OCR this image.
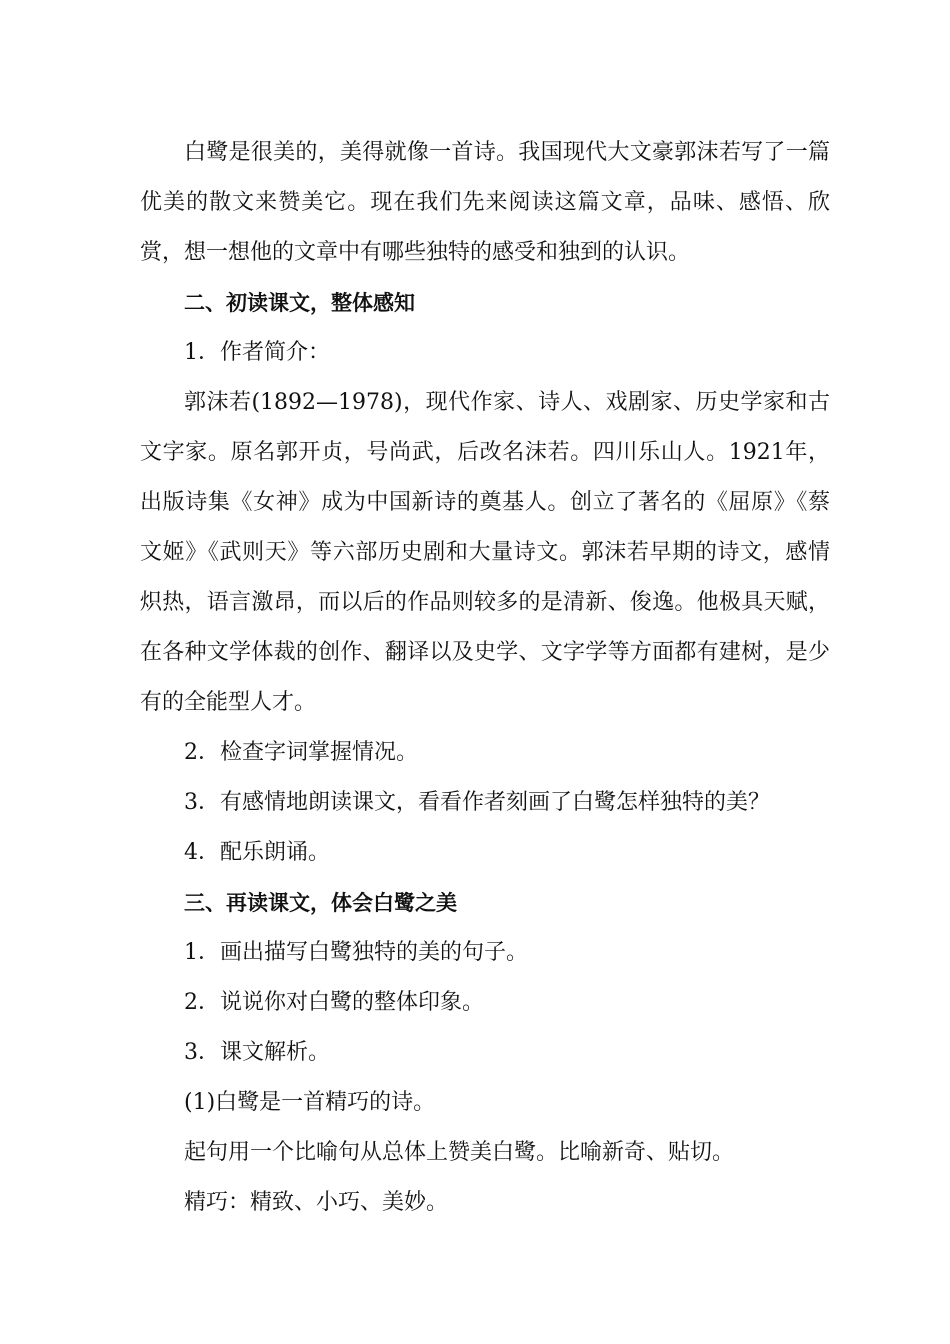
白鹭是很美的，美得就像一首诗。我国现代大文豪郭沫若写了一篇优美的散文来赞美它。现在我们先来阅读这篇文章，品味、感悟、欣赏，想一想他的文章中有哪些独特的感受和独到的认识。

二、初读课文，整体感知

1．作者简介：

郭沫若(1892—1978)，现代作家、诗人、戏剧家、历史学家和古文字家。原名郭开贞，号尚武，后改名沫若。四川乐山人。1921年，出版诗集《女神》成为中国新诗的奠基人。创立了著名的《屈原》《蔡文姬》《武则天》等六部历史剧和大量诗文。郭沫若早期的诗文，感情炽热，语言激昂，而以后的作品则较多的是清新、俊逸。他极具天赋，在各种文学体裁的创作、翻译以及史学、文字学等方面都有建树，是少有的全能型人才。

2．检查字词掌握情况。

3．有感情地朗读课文，看看作者刻画了白鹭怎样独特的美？

4．配乐朗诵。

三、再读课文，体会白鹭之美

1．画出描写白鹭独特的美的句子。

2．说说你对白鹭的整体印象。

3．课文解析。

(1)白鹭是一首精巧的诗。

起句用一个比喻句从总体上赞美白鹭。比喻新奇、贴切。

精巧：精致、小巧、美妙。
